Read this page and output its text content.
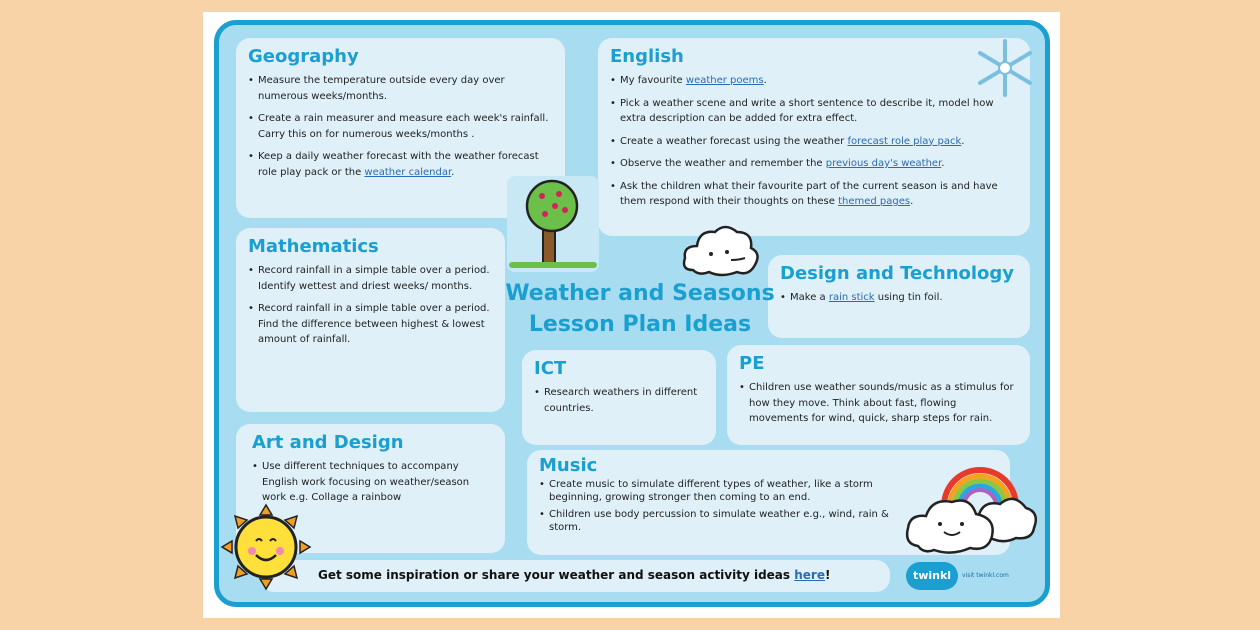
Geography
• Measure the temperature outside every day over numerous weeks/months.
• Create a rain measurer and measure each week's rainfall. Carry this on for numerous weeks/months .
• Keep a daily weather forecast with the weather forecast role play pack or the weather calendar.
English
• My favourite weather poems.
• Pick a weather scene and write a short sentence to describe it, model how extra description can be added for extra effect.
• Create a weather forecast using the weather forecast role play pack.
• Observe the weather and remember the previous day's weather.
• Ask the children what their favourite part of the current season is and have them respond with their thoughts on these themed pages.
Mathematics
• Record rainfall in a simple table over a period. Identify wettest and driest weeks/ months.
• Record rainfall in a simple table over a period. Find the difference between highest & lowest amount of rainfall.
Art and Design
• Use different techniques to accompany English work focusing on weather/season work e.g. Collage a rainbow
Design and Technology
• Make a rain stick using tin foil.
ICT
• Research weathers in different countries.
PE
• Children use weather sounds/music as a stimulus for how they move. Think about fast, flowing movements for wind, quick, sharp steps for rain.
Music
• Create music to simulate different types of weather, like a storm beginning, growing stronger then coming to an end.
• Children use body percussion to simulate weather e.g., wind, rain & storm.
Weather and Seasons
Lesson Plan Ideas
Get some inspiration or share your weather and season activity ideas here!	twinkl	visit twinkl.com
